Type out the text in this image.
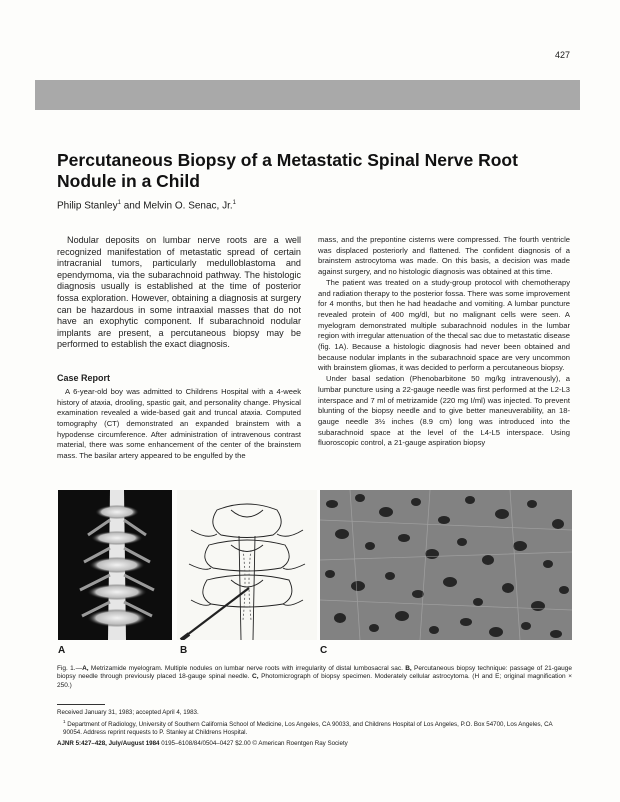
427
Percutaneous Biopsy of a Metastatic Spinal Nerve Root Nodule in a Child
Philip Stanley$^1$ and Melvin O. Senac, Jr.$^1$

Nodular deposits on lumbar nerve roots are a well recognized manifestation of metastatic spread of certain intracranial tumors, particularly medulloblastoma and ependymoma, via the subarachnoid pathway. The histologic diagnosis usually is established at the time of posterior fossa exploration. However, obtaining a diagnosis at surgery can be hazardous in some intraaxial masses that do not have an exophytic component. If subarachnoid nodular implants are present, a percutaneous biopsy may be performed to establish the exact diagnosis.

Case Report

A 6-year-old boy was admitted to Childrens Hospital with a 4-week history of ataxia, drooling, spastic gait, and personality change. Physical examination revealed a wide-based gait and truncal ataxia. Computed tomography (CT) demonstrated an expanded brainstem with a hypodense circumference. After administration of intravenous contrast material, there was some enhancement of the center of the brainstem mass. The basilar artery appeared to be engulfed by the

mass, and the prepontine cisterns were compressed. The fourth ventricle was displaced posteriorly and flattened. The confident diagnosis of a brainstem astrocytoma was made. On this basis, a decision was made against surgery, and no histologic diagnosis was obtained at this time.

The patient was treated on a study-group protocol with chemotherapy and radiation therapy to the posterior fossa. There was some improvement for 4 months, but then he had headache and vomiting. A lumbar puncture revealed protein of 400 mg/dl, but no malignant cells were seen. A myelogram demonstrated multiple subarachnoid nodules in the lumbar region with irregular attenuation of the thecal sac due to metastatic disease (fig. 1A). Because a histologic diagnosis had never been obtained and because nodular implants in the subarachnoid space are very uncommon with brainstem gliomas, it was decided to perform a percutaneous biopsy.

Under basal sedation (Phenobarbitone 50 mg/kg intravenously), a lumbar puncture using a 22-gauge needle was first performed at the L2-L3 interspace and 7 ml of metrizamide (220 mg I/ml) was injected. To prevent blunting of the biopsy needle and to give better maneuverability, an 18-gauge needle 3½ inches (8.9 cm) long was introduced into the subarachnoid space at the level of the L4-L5 interspace. Using fluoroscopic control, a 21-gauge aspiration biopsy

A	B	C

Fig. 1.—A, Metrizamide myelogram. Multiple nodules on lumbar nerve roots with irregularity of distal lumbosacral sac. B, Percutaneous biopsy technique: passage of 21-gauge biopsy needle through previously placed 18-gauge spinal needle. C, Photomicrograph of biopsy specimen. Moderately cellular astrocytoma. (H and E; original magnification × 250.)

Received January 31, 1983; accepted April 4, 1983.
$^1$ Department of Radiology, University of Southern California School of Medicine, Los Angeles, CA 90033, and Childrens Hospital of Los Angeles, P.O. Box 54700, Los Angeles, CA 90054. Address reprint requests to P. Stanley at Childrens Hospital.
AJNR 5:427–428, July/August 1984 0195–6108/84/0504–0427 $2.00 © American Roentgen Ray Society
